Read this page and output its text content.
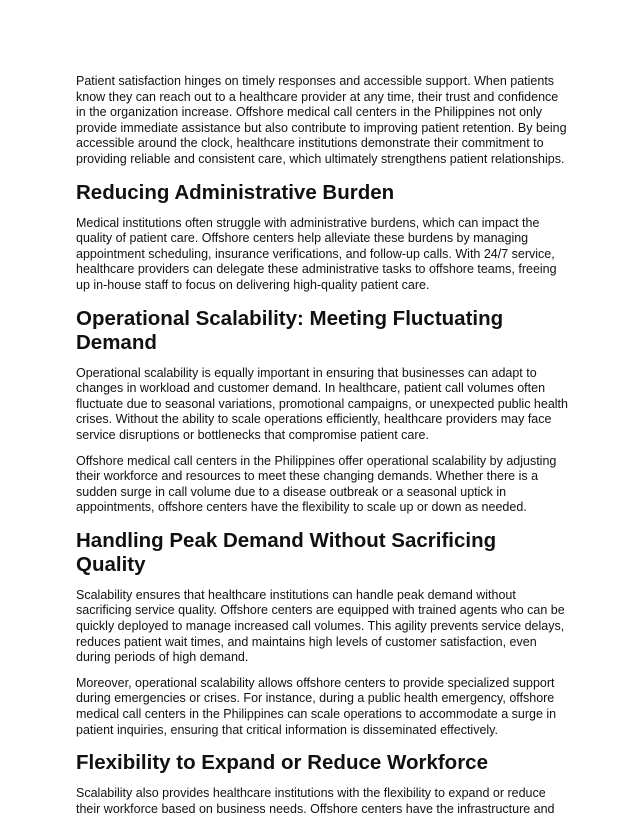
Patient satisfaction hinges on timely responses and accessible support. When patients know they can reach out to a healthcare provider at any time, their trust and confidence in the organization increase. Offshore medical call centers in the Philippines not only provide immediate assistance but also contribute to improving patient retention. By being accessible around the clock, healthcare institutions demonstrate their commitment to providing reliable and consistent care, which ultimately strengthens patient relationships.

Reducing Administrative Burden

Medical institutions often struggle with administrative burdens, which can impact the quality of patient care. Offshore centers help alleviate these burdens by managing appointment scheduling, insurance verifications, and follow-up calls. With 24/7 service, healthcare providers can delegate these administrative tasks to offshore teams, freeing up in-house staff to focus on delivering high-quality patient care.

Operational Scalability: Meeting Fluctuating Demand

Operational scalability is equally important in ensuring that businesses can adapt to changes in workload and customer demand. In healthcare, patient call volumes often fluctuate due to seasonal variations, promotional campaigns, or unexpected public health crises. Without the ability to scale operations efficiently, healthcare providers may face service disruptions or bottlenecks that compromise patient care.

Offshore medical call centers in the Philippines offer operational scalability by adjusting their workforce and resources to meet these changing demands. Whether there is a sudden surge in call volume due to a disease outbreak or a seasonal uptick in appointments, offshore centers have the flexibility to scale up or down as needed.

Handling Peak Demand Without Sacrificing Quality

Scalability ensures that healthcare institutions can handle peak demand without sacrificing service quality. Offshore centers are equipped with trained agents who can be quickly deployed to manage increased call volumes. This agility prevents service delays, reduces patient wait times, and maintains high levels of customer satisfaction, even during periods of high demand.

Moreover, operational scalability allows offshore centers to provide specialized support during emergencies or crises. For instance, during a public health emergency, offshore medical call centers in the Philippines can scale operations to accommodate a surge in patient inquiries, ensuring that critical information is disseminated effectively.

Flexibility to Expand or Reduce Workforce

Scalability also provides healthcare institutions with the flexibility to expand or reduce their workforce based on business needs. Offshore centers have the infrastructure and
